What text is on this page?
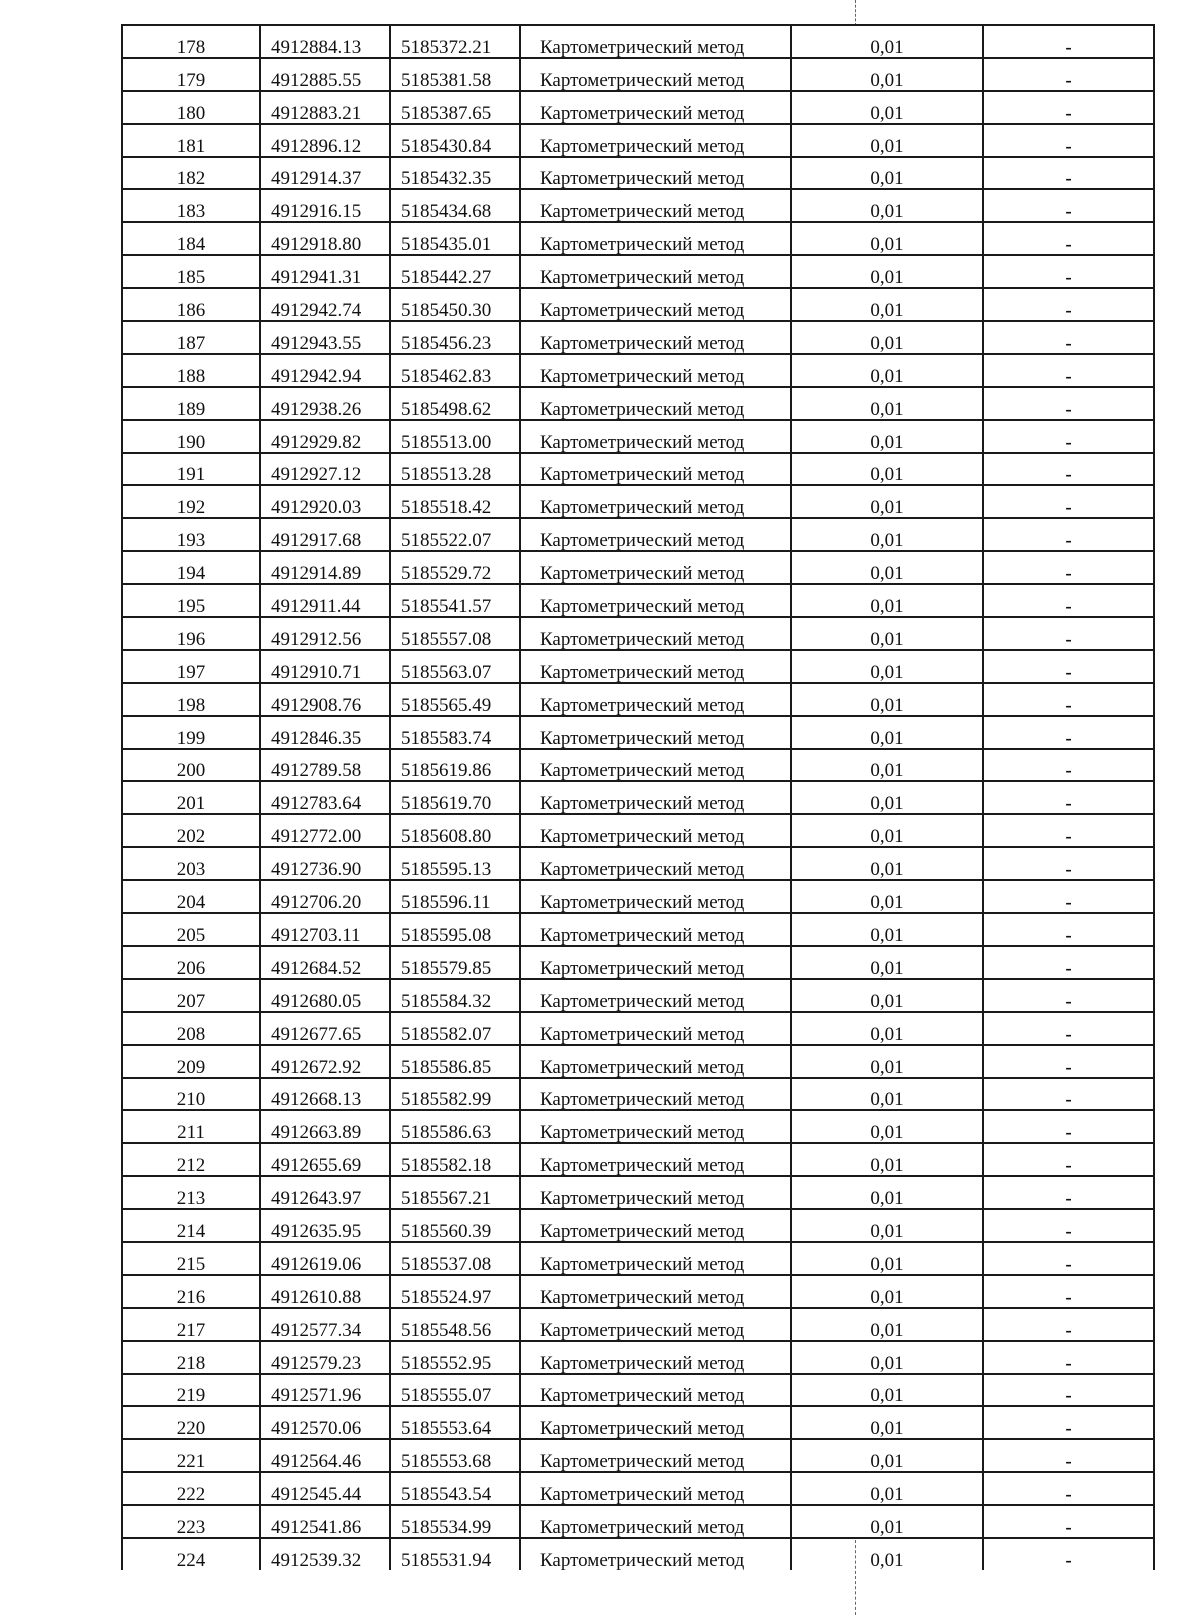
178	4912884.13	5185372.21	Картометрический метод	0,01	-
179	4912885.55	5185381.58	Картометрический метод	0,01	-
180	4912883.21	5185387.65	Картометрический метод	0,01	-
181	4912896.12	5185430.84	Картометрический метод	0,01	-
182	4912914.37	5185432.35	Картометрический метод	0,01	-
183	4912916.15	5185434.68	Картометрический метод	0,01	-
184	4912918.80	5185435.01	Картометрический метод	0,01	-
185	4912941.31	5185442.27	Картометрический метод	0,01	-
186	4912942.74	5185450.30	Картометрический метод	0,01	-
187	4912943.55	5185456.23	Картометрический метод	0,01	-
188	4912942.94	5185462.83	Картометрический метод	0,01	-
189	4912938.26	5185498.62	Картометрический метод	0,01	-
190	4912929.82	5185513.00	Картометрический метод	0,01	-
191	4912927.12	5185513.28	Картометрический метод	0,01	-
192	4912920.03	5185518.42	Картометрический метод	0,01	-
193	4912917.68	5185522.07	Картометрический метод	0,01	-
194	4912914.89	5185529.72	Картометрический метод	0,01	-
195	4912911.44	5185541.57	Картометрический метод	0,01	-
196	4912912.56	5185557.08	Картометрический метод	0,01	-
197	4912910.71	5185563.07	Картометрический метод	0,01	-
198	4912908.76	5185565.49	Картометрический метод	0,01	-
199	4912846.35	5185583.74	Картометрический метод	0,01	-
200	4912789.58	5185619.86	Картометрический метод	0,01	-
201	4912783.64	5185619.70	Картометрический метод	0,01	-
202	4912772.00	5185608.80	Картометрический метод	0,01	-
203	4912736.90	5185595.13	Картометрический метод	0,01	-
204	4912706.20	5185596.11	Картометрический метод	0,01	-
205	4912703.11	5185595.08	Картометрический метод	0,01	-
206	4912684.52	5185579.85	Картометрический метод	0,01	-
207	4912680.05	5185584.32	Картометрический метод	0,01	-
208	4912677.65	5185582.07	Картометрический метод	0,01	-
209	4912672.92	5185586.85	Картометрический метод	0,01	-
210	4912668.13	5185582.99	Картометрический метод	0,01	-
211	4912663.89	5185586.63	Картометрический метод	0,01	-
212	4912655.69	5185582.18	Картометрический метод	0,01	-
213	4912643.97	5185567.21	Картометрический метод	0,01	-
214	4912635.95	5185560.39	Картометрический метод	0,01	-
215	4912619.06	5185537.08	Картометрический метод	0,01	-
216	4912610.88	5185524.97	Картометрический метод	0,01	-
217	4912577.34	5185548.56	Картометрический метод	0,01	-
218	4912579.23	5185552.95	Картометрический метод	0,01	-
219	4912571.96	5185555.07	Картометрический метод	0,01	-
220	4912570.06	5185553.64	Картометрический метод	0,01	-
221	4912564.46	5185553.68	Картометрический метод	0,01	-
222	4912545.44	5185543.54	Картометрический метод	0,01	-
223	4912541.86	5185534.99	Картометрический метод	0,01	-
224	4912539.32	5185531.94	Картометрический метод	0,01	-
